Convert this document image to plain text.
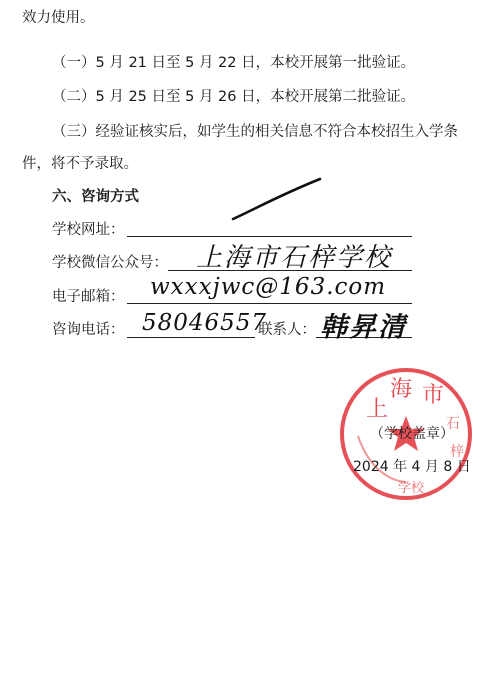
效力使用。
（一）5 月 21 日至 5 月 22 日，本校开展第一批验证。
（二）5 月 25 日至 5 月 26 日，本校开展第二批验证。
（三）经验证核实后，如学生的相关信息不符合本校招生入学条
件，将不予录取。
六、咨询方式
学校网址：
学校微信公众号： 上海市石梓学校
电子邮箱： wxxxjwc@163.com
咨询电话： 58046557
联系人： 韩昇清
上
海 市
石
梓
学校
（学校盖章）
2024 年 4 月 8 日
